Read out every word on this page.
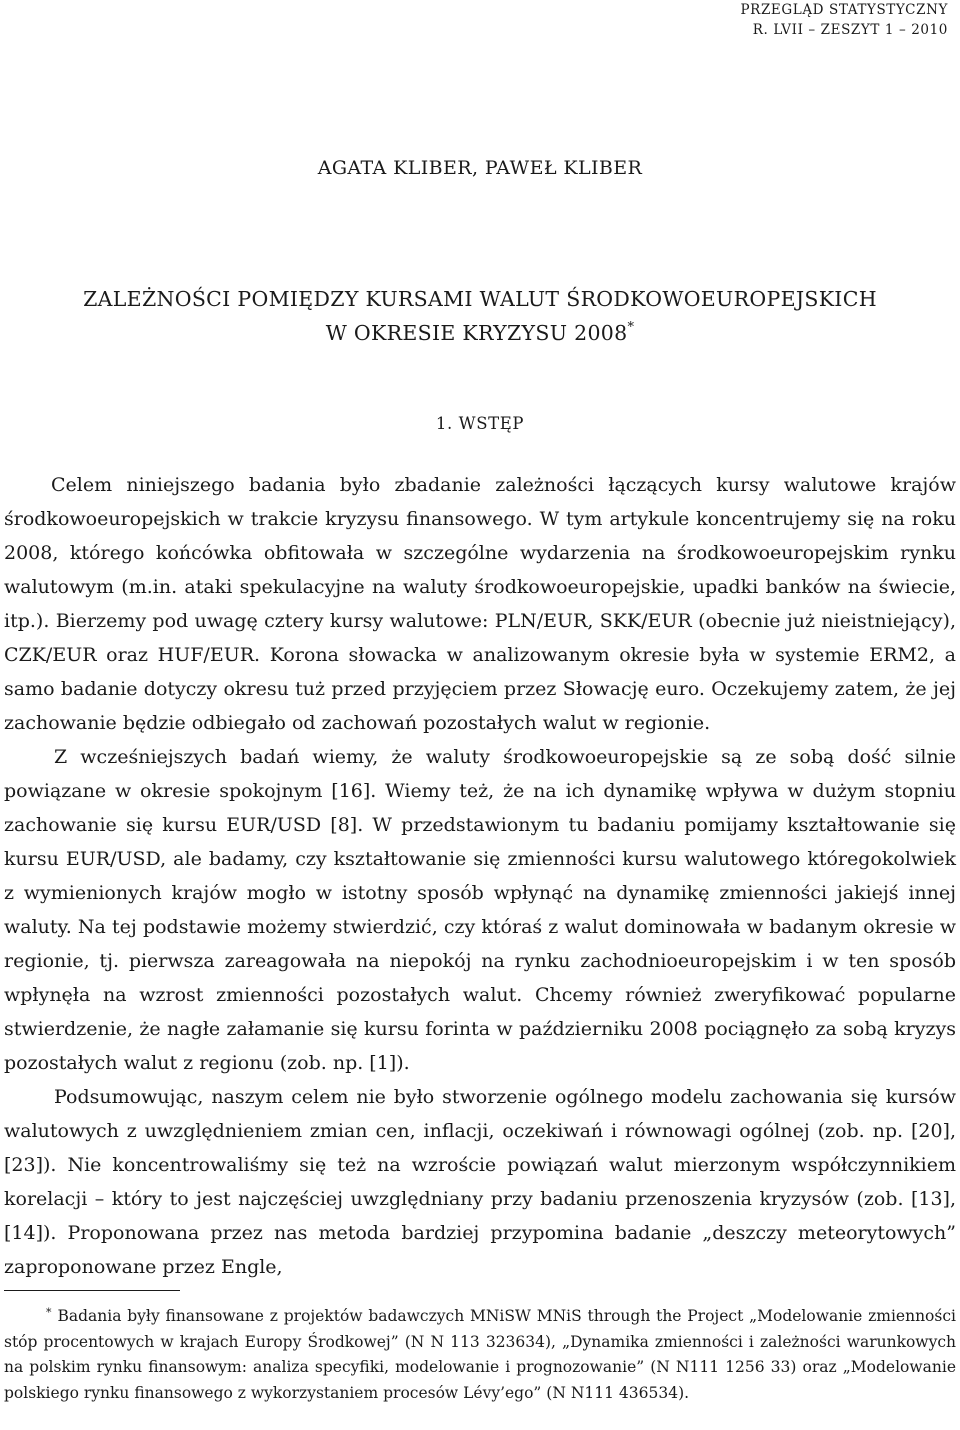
PRZEGLĄD STATYSTYCZNY
R. LVII – ZESZYT 1 – 2010
AGATA KLIBER, PAWEŁ KLIBER
ZALEŻNOŚCI POMIĘDZY KURSAMI WALUT ŚRODKOWOEUROPEJSKICH
W OKRESIE KRYZYSU 2008*
1. WSTĘP

Celem niniejszego badania było zbadanie zależności łączących kursy walutowe krajów środkowoeuropejskich w trakcie kryzysu finansowego. W tym artykule koncentrujemy się na roku 2008, którego końcówka obfitowała w szczególne wydarzenia na środkowoeuropejskim rynku walutowym (m.in. ataki spekulacyjne na waluty środkowoeuropejskie, upadki banków na świecie, itp.). Bierzemy pod uwagę cztery kursy walutowe: PLN/EUR, SKK/EUR (obecnie już nieistniejący), CZK/EUR oraz HUF/EUR. Korona słowacka w analizowanym okresie była w systemie ERM2, a samo badanie dotyczy okresu tuż przed przyjęciem przez Słowację euro. Oczekujemy zatem, że jej zachowanie będzie odbiegało od zachowań pozostałych walut w regionie.

Z wcześniejszych badań wiemy, że waluty środkowoeuropejskie są ze sobą dość silnie powiązane w okresie spokojnym [16]. Wiemy też, że na ich dynamikę wpływa w dużym stopniu zachowanie się kursu EUR/USD [8]. W przedstawionym tu badaniu pomijamy kształtowanie się kursu EUR/USD, ale badamy, czy kształtowanie się zmienności kursu walutowego któregokolwiek z wymienionych krajów mogło w istotny sposób wpłynąć na dynamikę zmienności jakiejś innej waluty. Na tej podstawie możemy stwierdzić, czy któraś z walut dominowała w badanym okresie w regionie, tj. pierwsza zareagowała na niepokój na rynku zachodnioeuropejskim i w ten sposób wpłynęła na wzrost zmienności pozostałych walut. Chcemy również zweryfikować popularne stwierdzenie, że nagłe załamanie się kursu forinta w październiku 2008 pociągnęło za sobą kryzys pozostałych walut z regionu (zob. np. [1]).

Podsumowując, naszym celem nie było stworzenie ogólnego modelu zachowania się kursów walutowych z uwzględnieniem zmian cen, inflacji, oczekiwań i równowagi ogólnej (zob. np. [20], [23]). Nie koncentrowaliśmy się też na wzroście powiązań walut mierzonym współczynnikiem korelacji – który to jest najczęściej uwzględniany przy badaniu przenoszenia kryzysów (zob. [13], [14]). Proponowana przez nas metoda bardziej przypomina badanie „deszczy meteorytowych” zaproponowane przez Engle,

* Badania były finansowane z projektów badawczych MNiSW MNiS through the Project „Modelowanie zmienności stóp procentowych w krajach Europy Środkowej” (N N 113 323634), „Dynamika zmienności i zależności warunkowych na polskim rynku finansowym: analiza specyfiki, modelowanie i prognozowanie” (N N111 1256 33) oraz „Modelowanie polskiego rynku finansowego z wykorzystaniem procesów Lévy’ego” (N N111 436534).
